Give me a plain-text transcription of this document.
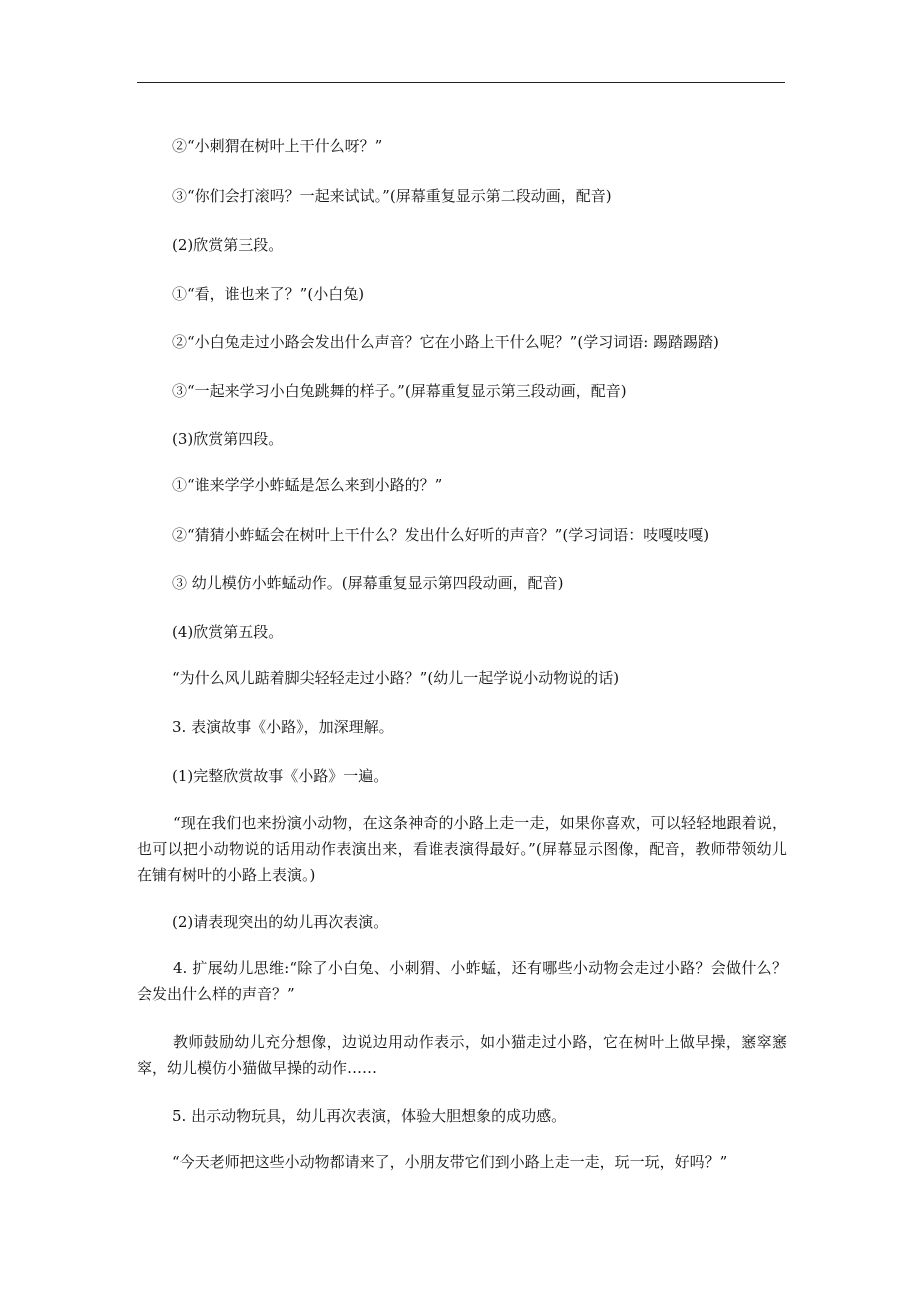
②“小刺猬在树叶上干什么呀？”
③“你们会打滚吗？一起来试试。”(屏幕重复显示第二段动画，配音)
(2)欣赏第三段。
①“看，谁也来了？”(小白兔)
②“小白兔走过小路会发出什么声音？它在小路上干什么呢？”(学习词语: 踢踏踢踏)
③“一起来学习小白兔跳舞的样子。”(屏幕重复显示第三段动画，配音)
(3)欣赏第四段。
①“谁来学学小蚱蜢是怎么来到小路的？”
②“猜猜小蚱蜢会在树叶上干什么？发出什么好听的声音？”(学习词语：吱嘎吱嘎)
③ 幼儿模仿小蚱蜢动作。(屏幕重复显示第四段动画，配音)
(4)欣赏第五段。
“为什么风儿踮着脚尖轻轻走过小路？”(幼儿一起学说小动物说的话)
3. 表演故事《小路》，加深理解。
(1)完整欣赏故事《小路》一遍。
“现在我们也来扮演小动物，在这条神奇的小路上走一走，如果你喜欢，可以轻轻地跟着说，也可以把小动物说的话用动作表演出来，看谁表演得最好。”(屏幕显示图像，配音，教师带领幼儿在铺有树叶的小路上表演。)
(2)请表现突出的幼儿再次表演。
4. 扩展幼儿思维:“除了小白兔、小刺猬、小蚱蜢，还有哪些小动物会走过小路？会做什么？会发出什么样的声音？”
教师鼓励幼儿充分想像，边说边用动作表示，如小猫走过小路，它在树叶上做早操，窸窣窸窣，幼儿模仿小猫做早操的动作……
5. 出示动物玩具，幼儿再次表演，体验大胆想象的成功感。
“今天老师把这些小动物都请来了，小朋友带它们到小路上走一走，玩一玩，好吗？”
